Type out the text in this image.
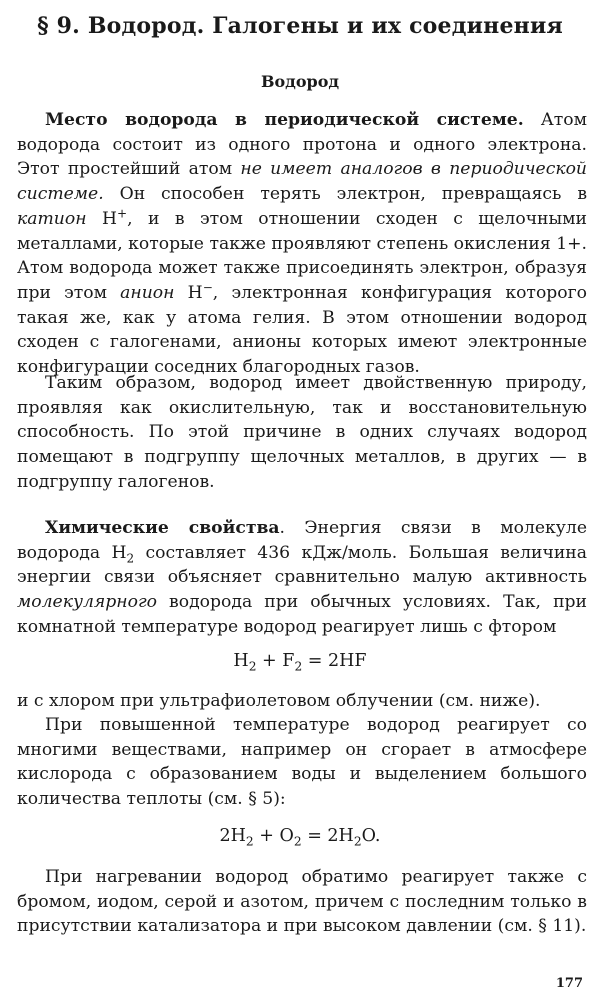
§ 9. Водород. Галогены и их соединения
Водород

Место водорода в периодической системе. Атом водорода состоит из одного протона и одного электрона. Этот простейший атом не имеет аналогов в периодической системе. Он способен терять электрон, превращаясь в катион H+, и в этом отношении сходен с щелочными металлами, которые также проявляют степень окисления 1+. Атом водорода может также присоединять электрон, образуя при этом анион H−, электронная конфигурация которого такая же, как у атома гелия. В этом отношении водород сходен с галогенами, анионы которых имеют электронные конфигурации соседних благородных газов.

Таким образом, водород имеет двойственную природу, проявляя как окислительную, так и восстановительную способность. По этой причине в одних случаях водород помещают в подгруппу щелочных металлов, в других — в подгруппу галогенов.

Химические свойства. Энергия связи в молекуле водорода $H_2$ составляет 436 кДж/моль. Большая величина энергии связи объясняет сравнительно малую активность молекулярного водорода при обычных условиях. Так, при комнатной температуре водород реагирует лишь с фтором

$H_2 + F_2 = 2HF$

и с хлором при ультрафиолетовом облучении (см. ниже).

При повышенной температуре водород реагирует со многими веществами, например он сгорает в атмосфере кислорода с образованием воды и выделением большого количества теплоты (см. § 5):

$2H_2 + O_2 = 2H_2O$.

При нагревании водород обратимо реагирует также с бромом, иодом, серой и азотом, причем с последним только в присутствии катализатора и при высоком давлении (см. § 11).

177
